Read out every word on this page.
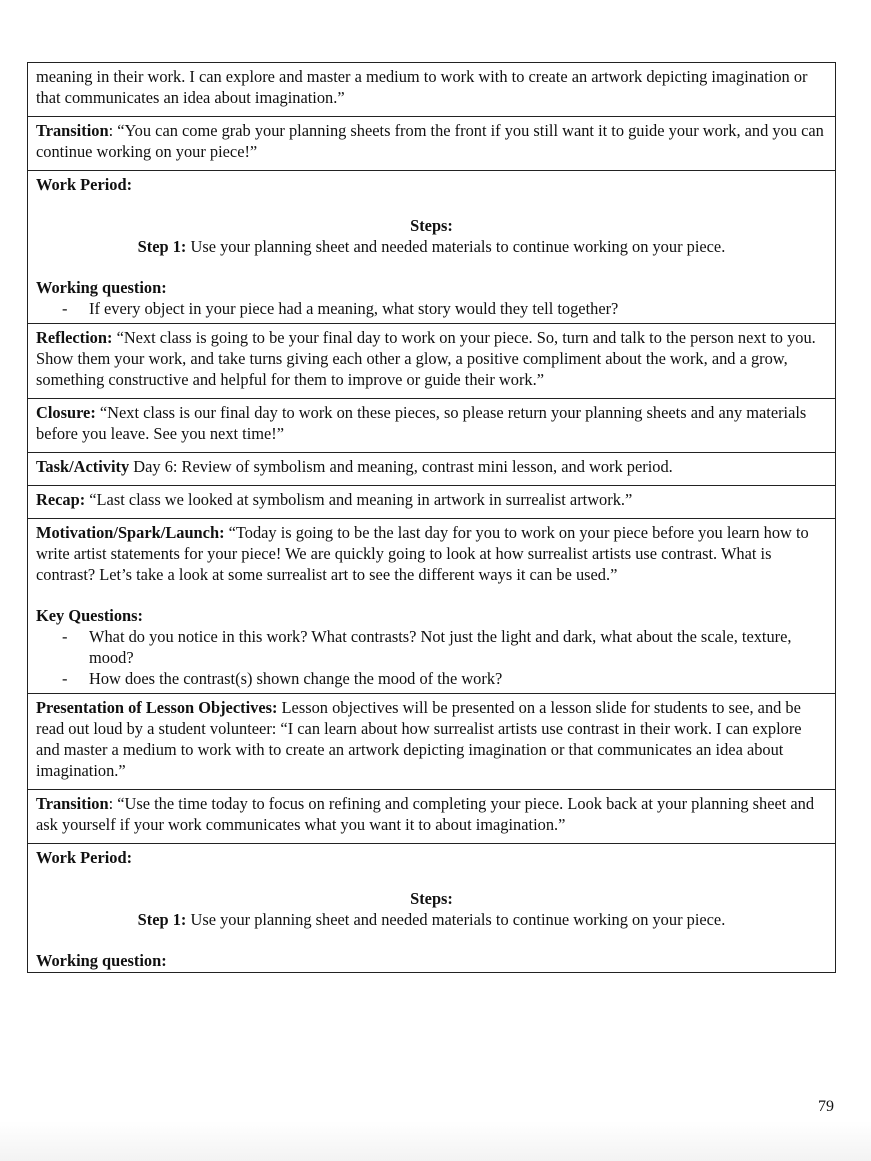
meaning in their work. I can explore and master a medium to work with to create an artwork depicting imagination or that communicates an idea about imagination.”

Transition: “You can come grab your planning sheets from the front if you still want it to guide your work, and you can continue working on your piece!”

Work Period:

Steps:

Step 1: Use your planning sheet and needed materials to continue working on your piece.

Working question:

- If every object in your piece had a meaning, what story would they tell together?

Reflection: “Next class is going to be your final day to work on your piece. So, turn and talk to the person next to you. Show them your work, and take turns giving each other a glow, a positive compliment about the work, and a grow, something constructive and helpful for them to improve or guide their work.”

Closure: “Next class is our final day to work on these pieces, so please return your planning sheets and any materials before you leave. See you next time!”

Task/Activity Day 6: Review of symbolism and meaning, contrast mini lesson, and work period.

Recap: “Last class we looked at symbolism and meaning in artwork in surrealist artwork.”

Motivation/Spark/Launch: “Today is going to be the last day for you to work on your piece before you learn how to write artist statements for your piece! We are quickly going to look at how surrealist artists use contrast. What is contrast? Let’s take a look at some surrealist art to see the different ways it can be used.”

Key Questions:

- What do you notice in this work? What contrasts? Not just the light and dark, what about the scale, texture, mood?
- How does the contrast(s) shown change the mood of the work?

Presentation of Lesson Objectives: Lesson objectives will be presented on a lesson slide for students to see, and be read out loud by a student volunteer: “I can learn about how surrealist artists use contrast in their work. I can explore and master a medium to work with to create an artwork depicting imagination or that communicates an idea about imagination.”

Transition: “Use the time today to focus on refining and completing your piece. Look back at your planning sheet and ask yourself if your work communicates what you want it to about imagination.”

Work Period:

Steps:

Step 1: Use your planning sheet and needed materials to continue working on your piece.

Working question:

79
